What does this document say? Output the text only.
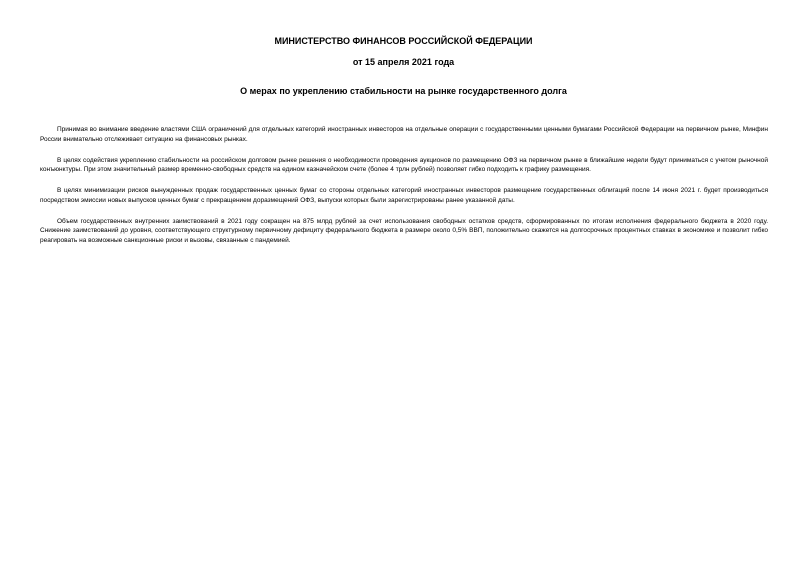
МИНИСТЕРСТВО ФИНАНСОВ РОССИЙСКОЙ ФЕДЕРАЦИИ
от 15 апреля 2021 года
О мерах по укреплению стабильности на рынке государственного долга

Принимая во внимание введение властями США ограничений для отдельных категорий иностранных инвесторов на отдельные операции с государственными ценными бумагами Российской Федерации на первичном рынке, Минфин России внимательно отслеживает ситуацию на финансовых рынках.

В целях содействия укреплению стабильности на российском долговом рынке решения о необходимости проведения аукционов по размещению ОФЗ на первичном рынке в ближайшие недели будут приниматься с учетом рыночной конъюнктуры. При этом значительный размер временно-свободных средств на едином казначейском счете (более 4 трлн рублей) позволяет гибко подходить к графику размещения.

В целях минимизации рисков вынужденных продаж государственных ценных бумаг со стороны отдельных категорий иностранных инвесторов размещение государственных облигаций после 14 июня 2021 г. будет производиться посредством эмиссии новых выпусков ценных бумаг с прекращением доразмещений ОФЗ, выпуски которых были зарегистрированы ранее указанной даты.

Объем государственных внутренних заимствований в 2021 году сокращен на 875 млрд рублей за счет использования свободных остатков средств, сформированных по итогам исполнения федерального бюджета в 2020 году. Снижение заимствований до уровня, соответствующего структурному первичному дефициту федерального бюджета в размере около 0,5% ВВП, положительно скажется на долгосрочных процентных ставках в экономике и позволит гибко реагировать на возможные санкционные риски и вызовы, связанные с пандемией.
